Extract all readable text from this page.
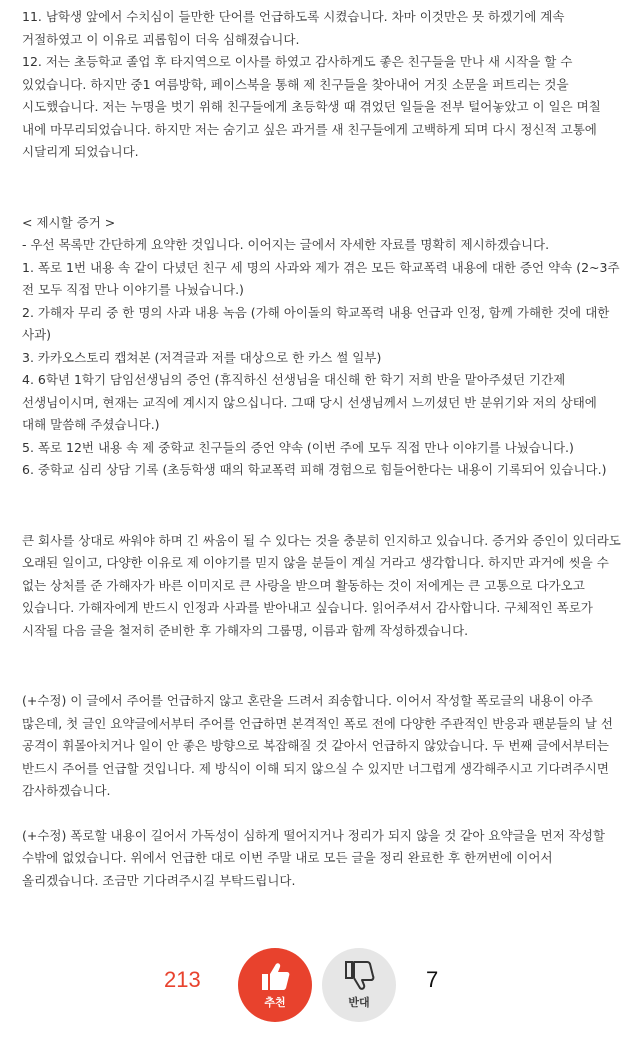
11. 남학생 앞에서 수치심이 들만한 단어를 언급하도록 시켰습니다. 차마 이것만은 못 하겠기에 계속 거절하였고 이 이유로 괴롭힘이 더욱 심해졌습니다.

12. 저는 초등학교 졸업 후 타지역으로 이사를 하였고 감사하게도 좋은 친구들을 만나 새 시작을 할 수 있었습니다. 하지만 중1 여름방학, 페이스북을 통해 제 친구들을 찾아내어 거짓 소문을 퍼트리는 것을 시도했습니다. 저는 누명을 벗기 위해 친구들에게 초등학생 때 겪었던 일들을 전부 털어놓았고 이 일은 며칠 내에 마무리되었습니다. 하지만 저는 숨기고 싶은 과거를 새 친구들에게 고백하게 되며 다시 정신적 고통에 시달리게 되었습니다.

< 제시할 증거 >

- 우선 목록만 간단하게 요약한 것입니다. 이어지는 글에서 자세한 자료를 명확히 제시하겠습니다.

1. 폭로 1번 내용 속 같이 다녔던 친구 세 명의 사과와 제가 겪은 모든 학교폭력 내용에 대한 증언 약속 (2~3주 전 모두 직접 만나 이야기를 나눴습니다.)

2. 가해자 무리 중 한 명의 사과 내용 녹음 (가해 아이돌의 학교폭력 내용 언급과 인정, 함께 가해한 것에 대한 사과)

3. 카카오스토리 캡쳐본 (저격글과 저를 대상으로 한 카스 썰 일부)

4. 6학년 1학기 담임선생님의 증언 (휴직하신 선생님을 대신해 한 학기 저희 반을 맡아주셨던 기간제 선생님이시며, 현재는 교직에 계시지 않으십니다. 그때 당시 선생님께서 느끼셨던 반 분위기와 저의 상태에 대해 말씀해 주셨습니다.)

5. 폭로 12번 내용 속 제 중학교 친구들의 증언 약속 (이번 주에 모두 직접 만나 이야기를 나눴습니다.)

6. 중학교 심리 상담 기록 (초등학생 때의 학교폭력 피해 경험으로 힘들어한다는 내용이 기록되어 있습니다.)

큰 회사를 상대로 싸워야 하며 긴 싸움이 될 수 있다는 것을 충분히 인지하고 있습니다. 증거와 증인이 있더라도 오래된 일이고, 다양한 이유로 제 이야기를 믿지 않을 분들이 계실 거라고 생각합니다. 하지만 과거에 씻을 수 없는 상처를 준 가해자가 바른 이미지로 큰 사랑을 받으며 활동하는 것이 저에게는 큰 고통으로 다가오고 있습니다. 가해자에게 반드시 인정과 사과를 받아내고 싶습니다. 읽어주셔서 감사합니다. 구체적인 폭로가 시작될 다음 글을 철저히 준비한 후 가해자의 그룹명, 이름과 함께 작성하겠습니다.

(+수정) 이 글에서 주어를 언급하지 않고 혼란을 드려서 죄송합니다. 이어서 작성할 폭로글의 내용이 아주 많은데, 첫 글인 요약글에서부터 주어를 언급하면 본격적인 폭로 전에 다양한 주관적인 반응과 팬분들의 날 선 공격이 휘몰아치거나 일이 안 좋은 방향으로 복잡해질 것 같아서 언급하지 않았습니다. 두 번째 글에서부터는 반드시 주어를 언급할 것입니다. 제 방식이 이해 되지 않으실 수 있지만 너그럽게 생각해주시고 기다려주시면 감사하겠습니다.

(+수정) 폭로할 내용이 길어서 가독성이 심하게 떨어지거나 정리가 되지 않을 것 같아 요약글을 먼저 작성할 수밖에 없었습니다. 위에서 언급한 대로 이번 주말 내로 모든 글을 정리 완료한 후 한꺼번에 이어서 올리겠습니다. 조금만 기다려주시길 부탁드립니다.

213
추천	반대
7
